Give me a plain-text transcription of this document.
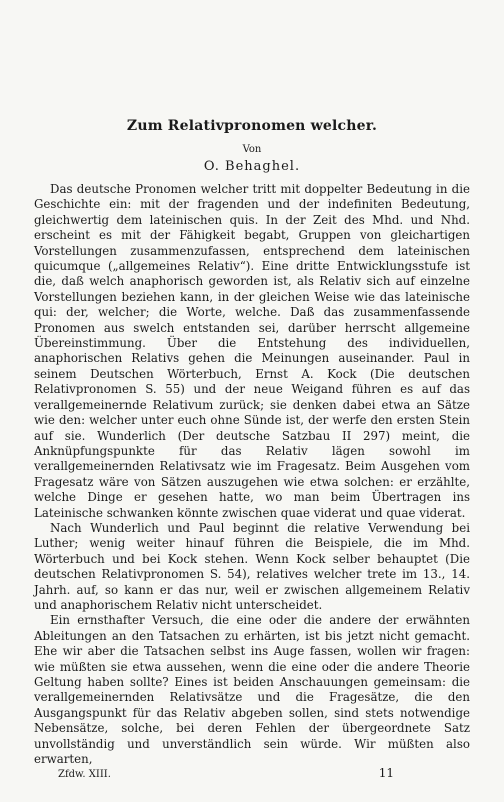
Zum Relativpronomen welcher.
Von
O. Behaghel.

Das deutsche Pronomen welcher tritt mit doppelter Bedeutung in die Geschichte ein: mit der fragenden und der indefiniten Bedeutung, gleichwertig dem lateinischen quis. In der Zeit des Mhd. und Nhd. erscheint es mit der Fähigkeit begabt, Gruppen von gleichartigen Vorstellungen zusammenzufassen, entsprechend dem lateinischen quicumque („allgemeines Relativ“). Eine dritte Entwicklungsstufe ist die, daß welch anaphorisch geworden ist, als Relativ sich auf einzelne Vorstellungen beziehen kann, in der gleichen Weise wie das lateinische qui: der, welcher; die Worte, welche. Daß das zusammenfassende Pronomen aus swelch entstanden sei, darüber herrscht allgemeine Übereinstimmung. Über die Entstehung des individuellen, anaphorischen Relativs gehen die Meinungen auseinander. Paul in seinem Deutschen Wörterbuch, Ernst A. Kock (Die deutschen Relativpronomen S. 55) und der neue Weigand führen es auf das verallgemeinernde Relativum zurück; sie denken dabei etwa an Sätze wie den: welcher unter euch ohne Sünde ist, der werfe den ersten Stein auf sie. Wunderlich (Der deutsche Satzbau II 297) meint, die Anknüpfungspunkte für das Relativ lägen sowohl im verallgemeinernden Relativsatz wie im Fragesatz. Beim Ausgehen vom Fragesatz wäre von Sätzen auszugehen wie etwa solchen: er erzählte, welche Dinge er gesehen hatte, wo man beim Übertragen ins Lateinische schwanken könnte zwischen quae viderat und quae viderat.

Nach Wunderlich und Paul beginnt die relative Verwendung bei Luther; wenig weiter hinauf führen die Beispiele, die im Mhd. Wörterbuch und bei Kock stehen. Wenn Kock selber behauptet (Die deutschen Relativpronomen S. 54), relatives welcher trete im 13., 14. Jahrh. auf, so kann er das nur, weil er zwischen allgemeinem Relativ und anaphorischem Relativ nicht unterscheidet.

Ein ernsthafter Versuch, die eine oder die andere der erwähnten Ableitungen an den Tatsachen zu erhärten, ist bis jetzt nicht gemacht. Ehe wir aber die Tatsachen selbst ins Auge fassen, wollen wir fragen: wie müßten sie etwa aussehen, wenn die eine oder die andere Theorie Geltung haben sollte? Eines ist beiden Anschauungen gemeinsam: die verallgemeinernden Relativsätze und die Fragesätze, die den Ausgangspunkt für das Relativ abgeben sollen, sind stets notwendige Nebensätze, solche, bei deren Fehlen der übergeordnete Satz unvollständig und unverständlich sein würde. Wir müßten also erwarten,

Zfdw. XIII.	11
